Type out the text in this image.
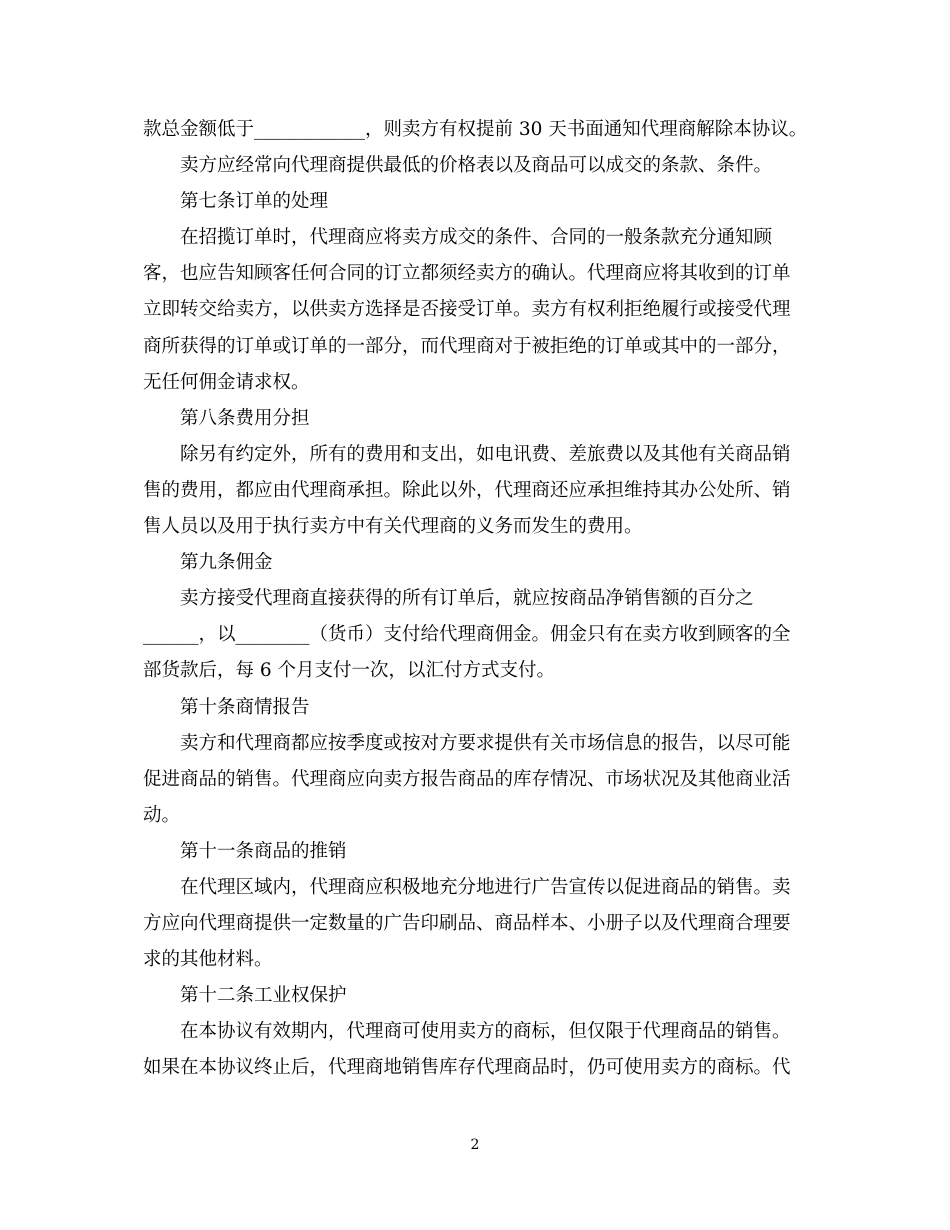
款总金额低于____________，则卖方有权提前 30 天书面通知代理商解除本协议。
卖方应经常向代理商提供最低的价格表以及商品可以成交的条款、条件。
第七条订单的处理
在招揽订单时，代理商应将卖方成交的条件、合同的一般条款充分通知顾
客，也应告知顾客任何合同的订立都须经卖方的确认。代理商应将其收到的订单
立即转交给卖方，以供卖方选择是否接受订单。卖方有权利拒绝履行或接受代理
商所获得的订单或订单的一部分，而代理商对于被拒绝的订单或其中的一部分，
无任何佣金请求权。
第八条费用分担
除另有约定外，所有的费用和支出，如电讯费、差旅费以及其他有关商品销
售的费用，都应由代理商承担。除此以外，代理商还应承担维持其办公处所、销
售人员以及用于执行卖方中有关代理商的义务而发生的费用。
第九条佣金
卖方接受代理商直接获得的所有订单后，就应按商品净销售额的百分之
______，以________（货币）支付给代理商佣金。佣金只有在卖方收到顾客的全
部货款后，每 6 个月支付一次，以汇付方式支付。
第十条商情报告
卖方和代理商都应按季度或按对方要求提供有关市场信息的报告，以尽可能
促进商品的销售。代理商应向卖方报告商品的库存情况、市场状况及其他商业活
动。
第十一条商品的推销
在代理区域内，代理商应积极地充分地进行广告宣传以促进商品的销售。卖
方应向代理商提供一定数量的广告印刷品、商品样本、小册子以及代理商合理要
求的其他材料。
第十二条工业权保护
在本协议有效期内，代理商可使用卖方的商标，但仅限于代理商品的销售。
如果在本协议终止后，代理商地销售库存代理商品时，仍可使用卖方的商标。代
2
